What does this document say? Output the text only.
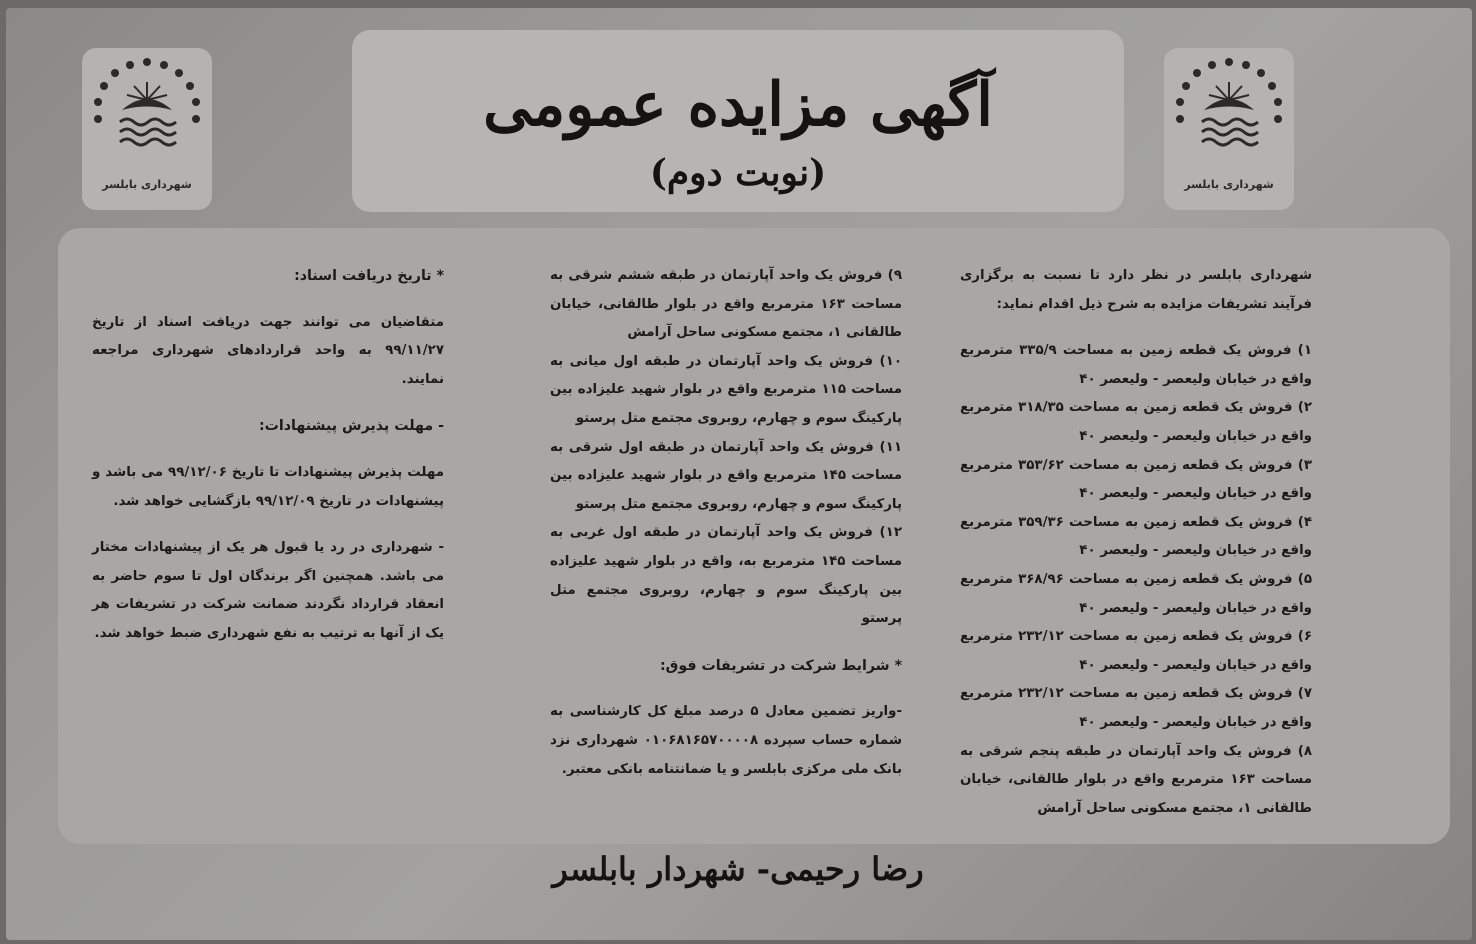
شهرداری بابلسر
شهرداری بابلسر
آگهی مزایده عمومی
(نوبت دوم)

شهرداری بابلسر در نظر دارد تا نسبت به برگزاری فرآیند تشریفات مزایده به شرح ذیل اقدام نماید:

۱) فروش یک قطعه زمین به مساحت ۳۳۵/۹ مترمربع واقع در خیابان ولیعصر - ولیعصر ۴۰

۲) فروش یک قطعه زمین به مساحت ۳۱۸/۳۵ مترمربع واقع در خیابان ولیعصر - ولیعصر ۴۰

۳) فروش یک قطعه زمین به مساحت ۳۵۳/۶۲ مترمربع واقع در خیابان ولیعصر - ولیعصر ۴۰

۴) فروش یک قطعه زمین به مساحت ۳۵۹/۳۶ مترمربع واقع در خیابان ولیعصر - ولیعصر ۴۰

۵) فروش یک قطعه زمین به مساحت ۳۶۸/۹۶ مترمربع واقع در خیابان ولیعصر - ولیعصر ۴۰

۶) فروش یک قطعه زمین به مساحت ۲۳۲/۱۲ مترمربع واقع در خیابان ولیعصر - ولیعصر ۴۰

۷) فروش یک قطعه زمین به مساحت ۲۳۲/۱۲ مترمربع واقع در خیابان ولیعصر - ولیعصر ۴۰

۸) فروش یک واحد آپارتمان در طبقه پنجم شرقی به مساحت ۱۶۳ مترمربع واقع در بلوار طالقانی، خیابان طالقانی ۱، مجتمع مسکونی ساحل آرامش

۹) فروش یک واحد آپارتمان در طبقه ششم شرقی به مساحت ۱۶۳ مترمربع واقع در بلوار طالقانی، خیابان طالقانی ۱، مجتمع مسکونی ساحل آرامش

۱۰) فروش یک واحد آپارتمان در طبقه اول میانی به مساحت ۱۱۵ مترمربع واقع در بلوار شهید علیزاده بین پارکینگ سوم و چهارم، روبروی مجتمع متل پرستو

۱۱) فروش یک واحد آپارتمان در طبقه اول شرقی به مساحت ۱۴۵ مترمربع واقع در بلوار شهید علیزاده بین پارکینگ سوم و چهارم، روبروی مجتمع متل پرستو

۱۲) فروش یک واحد آپارتمان در طبقه اول غربی به مساحت ۱۴۵ مترمربع به، واقع در بلوار شهید علیزاده بین پارکینگ سوم و چهارم، روبروی مجتمع متل پرستو

* شرایط شرکت در تشریفات فوق:

-واریز تضمین معادل ۵ درصد مبلغ کل کارشناسی به شماره حساب سپرده ۰۱۰۶۸۱۶۵۷۰۰۰۰۸ شهرداری نزد بانک ملی مرکزی بابلسر و یا ضمانتنامه بانکی معتبر.

* تاریخ دریافت اسناد:

متقاضیان می توانند جهت دریافت اسناد از تاریخ ۹۹/۱۱/۲۷ به واحد قراردادهای شهرداری مراجعه نمایند.

- مهلت پذیرش پیشنهادات:

مهلت پذیرش پیشنهادات تا تاریخ ۹۹/۱۲/۰۶ می باشد و پیشنهادات در تاریخ ۹۹/۱۲/۰۹ بازگشایی خواهد شد.

- شهرداری در رد یا قبول هر یک از پیشنهادات مختار می باشد. همچنین اگر برندگان اول تا سوم حاضر به انعقاد قرارداد نگردند ضمانت شرکت در تشریفات هر یک از آنها به ترتیب به نفع شهرداری ضبط خواهد شد.

رضا رحیمی- شهردار بابلسر
